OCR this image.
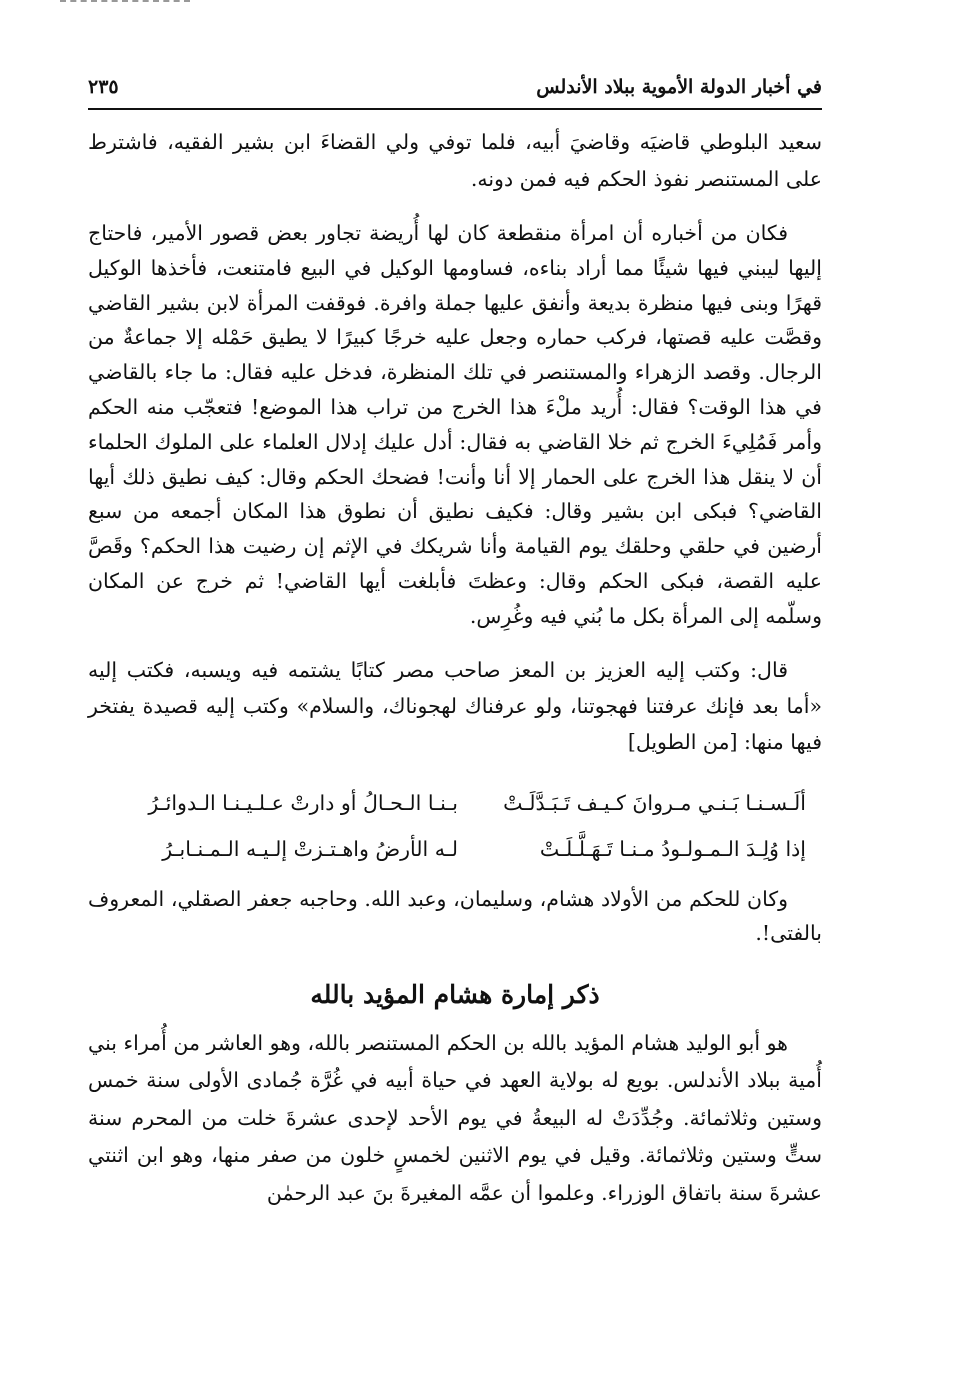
في أخبار الدولة الأموية ببلاد الأندلس
٢٣٥

سعيد البلوطي قاضيَه وقاضيَ أبيه، فلما توفي ولي القضاءَ ابن بشير الفقيه، فاشترط على المستنصر نفوذ الحكم فيه فمن دونه.

فكان من أخباره أن امرأة منقطعة كان لها أُريضة تجاور بعض قصور الأمير، فاحتاج إليها ليبني فيها شيئًا مما أراد بناءه، فساومها الوكيل في البيع فامتنعت، فأخذها الوكيل قهرًا وبنى فيها منظرة بديعة وأنفق عليها جملة وافرة. فوقفت المرأة لابن بشير القاضي وقصَّت عليه قصتها، فركب حماره وجعل عليه خرجًا كبيرًا لا يطيق حَمْله إلا جماعةٌ من الرجال. وقصد الزهراء والمستنصر في تلك المنظرة، فدخل عليه فقال: ما جاء بالقاضي في هذا الوقت؟ فقال: أُريد ملْءَ هذا الخرج من تراب هذا الموضع! فتعجّب منه الحكم وأمر فَمُلِيءَ الخرج ثم خلا القاضي به فقال: أدل عليك إدلال العلماء على الملوك الحلماء أن لا ينقل هذا الخرج على الحمار إلا أنا وأنت! فضحك الحكم وقال: كيف نطيق ذلك أيها القاضي؟ فبكى ابن بشير وقال: فكيف نطيق أن نطوق هذا المكان أجمعه من سبع أرضين في حلقي وحلقك يوم القيامة وأنا شريكك في الإثم إن رضيت هذا الحكم؟ وقَصَّ عليه القصة، فبكى الحكم وقال: وعظتَ فأبلغت أيها القاضي! ثم خرج عن المكان وسلّمه إلى المرأة بكل ما بُني فيه وغُرِس.

قال: وكتب إليه العزيز بن المعز صاحب مصر كتابًا يشتمه فيه ويسبه، فكتب إليه «أما بعد فإنك عرفتنا فهجوتنا، ولو عرفناك لهجوناك، والسلام» وكتب إليه قصيدة يفتخر فيها منها: [من الطويل]

ألَـسـنـا بَـنـي مـروانَ كـيـف تَـبَـدَّلَـتْ
بـنـا الـحـالُ أو دارتْ عـلـيـنـا الـدوائـرُ
إذا وُلِـدَ الـمـولـودُ مـنـا تَـهَـلَّـلَـتْ
لـه الأرضُ واهـتـزتْ إلـيـه الـمـنـابـرُ

وكان للحكم من الأولاد هشام، وسليمان، وعبد الله. وحاجبه جعفر الصقلي، المعروف بالفتى!.

ذكر إمارة هشام المؤيد بالله

هو أبو الوليد هشام المؤيد بالله بن الحكم المستنصر بالله، وهو العاشر من أُمراء بني أُمية ببلاد الأندلس. بويع له بولاية العهد في حياة أبيه في غُرَّة جُمادى الأولى سنة خمس وستين وثلاثمائة. وجُدِّدَتْ له البيعةُ في يوم الأحد لإحدى عشرةَ خلت من المحرم سنة ستٍّ وستين وثلاثمائة. وقيل في يوم الاثنين لخمسٍ خلون من صفر منها، وهو ابن اثنتي عشرةَ سنة باتفاق الوزراء. وعلموا أن عمَّه المغيرةَ بنَ عبد الرحمٰن
